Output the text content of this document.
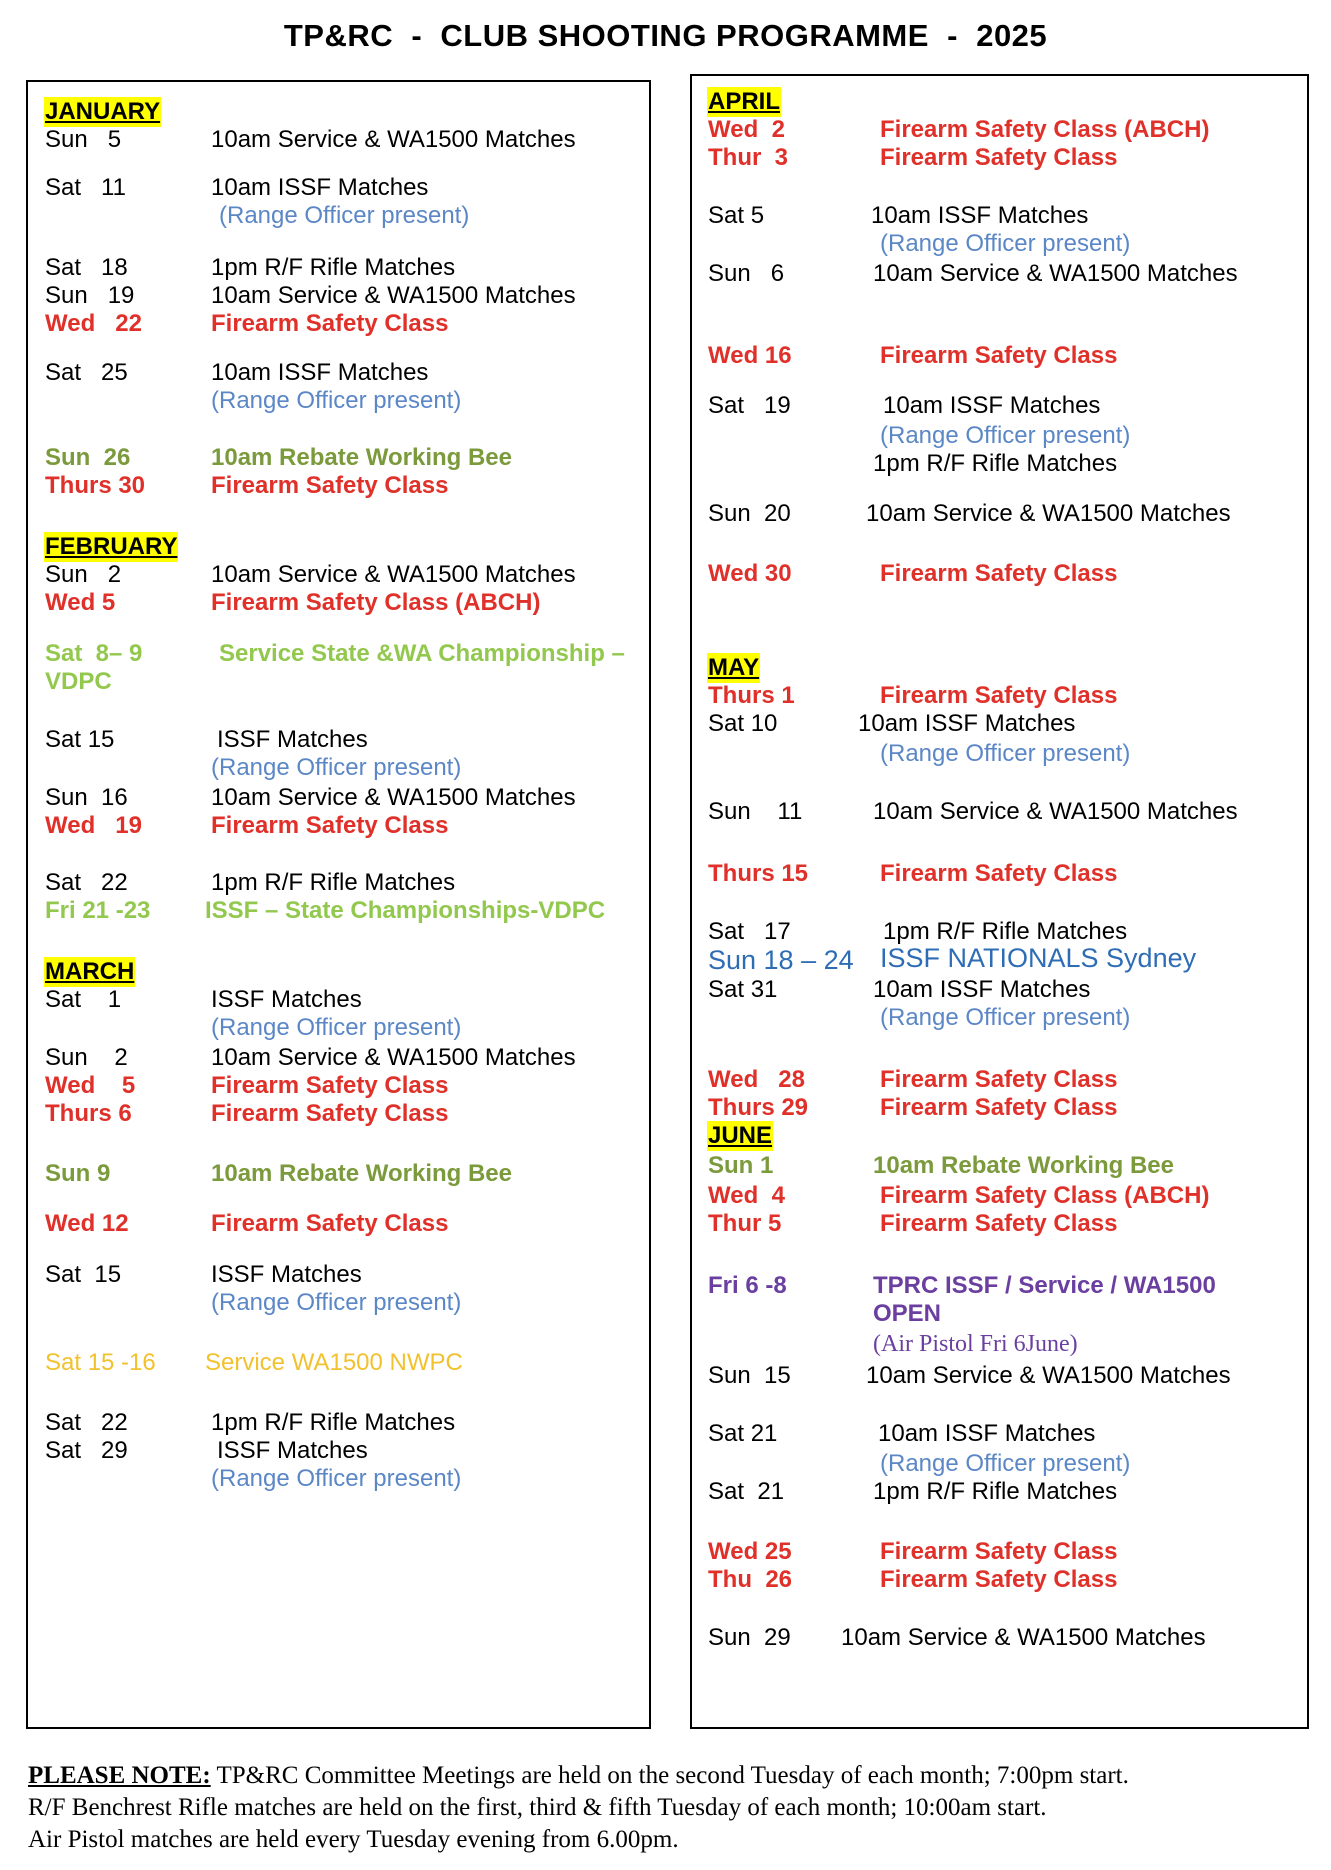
TP&RC  -  CLUB SHOOTING PROGRAMME  -  2025
JANUARY
Sun   5	10am Service & WA1500 Matches
Sat   11	10am ISSF Matches
(Range Officer present)
Sat   18	1pm R/F Rifle Matches
Sun   19	10am Service & WA1500 Matches
Wed   22	Firearm Safety Class
Sat   25	10am ISSF Matches
(Range Officer present)
Sun  26	10am Rebate Working Bee
Thurs 30	Firearm Safety Class
FEBRUARY
Sun   2	10am Service & WA1500 Matches
Wed 5	Firearm Safety Class (ABCH)
Sat  8– 9	Service State &WA Championship –
VDPC
Sat 15	ISSF Matches
(Range Officer present)
Sun  16	10am Service & WA1500 Matches
Wed   19	Firearm Safety Class
Sat   22	1pm R/F Rifle Matches
Fri 21 -23 ISSF – State Championships-VDPC
MARCH
Sat    1	ISSF Matches
(Range Officer present)
Sun    2	10am Service & WA1500 Matches
Wed    5	Firearm Safety Class
Thurs 6	Firearm Safety Class
Sun 9	10am Rebate Working Bee
Wed 12	Firearm Safety Class
Sat  15	ISSF Matches
(Range Officer present)
Sat 15 -16 Service WA1500 NWPC
Sat   22	1pm R/F Rifle Matches
Sat   29	ISSF Matches
(Range Officer present)
APRIL
Wed  2	Firearm Safety Class (ABCH)
Thur  3	Firearm Safety Class
Sat 5	10am ISSF Matches
(Range Officer present)
Sun   6	10am Service & WA1500 Matches
Wed 16	Firearm Safety Class
Sat   19	10am ISSF Matches
(Range Officer present)
1pm R/F Rifle Matches
Sun  20	10am Service & WA1500 Matches
Wed 30	Firearm Safety Class
MAY
Thurs 1	Firearm Safety Class
Sat 10	10am ISSF Matches
(Range Officer present)
Sun    11	10am Service & WA1500 Matches
Thurs 15	Firearm Safety Class
Sat   17	1pm R/F Rifle Matches
Sun 18 – 24 ISSF NATIONALS Sydney
Sat 31	10am ISSF Matches
(Range Officer present)
Wed   28	Firearm Safety Class
Thurs 29	Firearm Safety Class
JUNE
Sun 1	10am Rebate Working Bee
Wed  4	Firearm Safety Class (ABCH)
Thur 5	Firearm Safety Class
Fri 6 -8	TPRC ISSF / Service / WA1500
OPEN
(Air Pistol Fri 6June)
Sun  15	10am Service & WA1500 Matches
Sat 21	10am ISSF Matches
(Range Officer present)
Sat  21	1pm R/F Rifle Matches
Wed 25	Firearm Safety Class
Thu  26	Firearm Safety Class
Sun  29 10am Service & WA1500 Matches
PLEASE NOTE: TP&RC Committee Meetings are held on the second Tuesday of each month; 7:00pm start.
R/F Benchrest Rifle matches are held on the first, third & fifth Tuesday of each month; 10:00am start.
Air Pistol matches are held every Tuesday evening from 6.00pm.
